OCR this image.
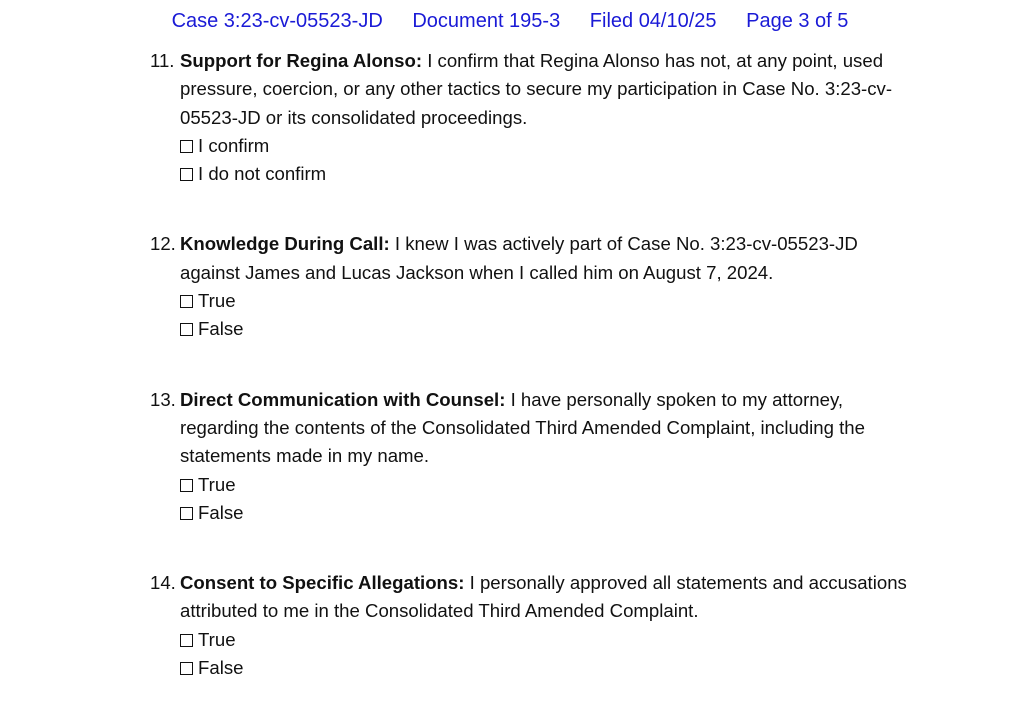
Case 3:23-cv-05523-JD Document 195-3 Filed 04/10/25 Page 3 of 5
11. Support for Regina Alonso: I confirm that Regina Alonso has not, at any point, used pressure, coercion, or any other tactics to secure my participation in Case No. 3:23-cv-05523-JD or its consolidated proceedings.
I confirm
I do not confirm
12. Knowledge During Call: I knew I was actively part of Case No. 3:23-cv-05523-JD against James and Lucas Jackson when I called him on August 7, 2024.
True
False
13. Direct Communication with Counsel: I have personally spoken to my attorney, regarding the contents of the Consolidated Third Amended Complaint, including the statements made in my name.
True
False
14. Consent to Specific Allegations: I personally approved all statements and accusations attributed to me in the Consolidated Third Amended Complaint.
True
False
